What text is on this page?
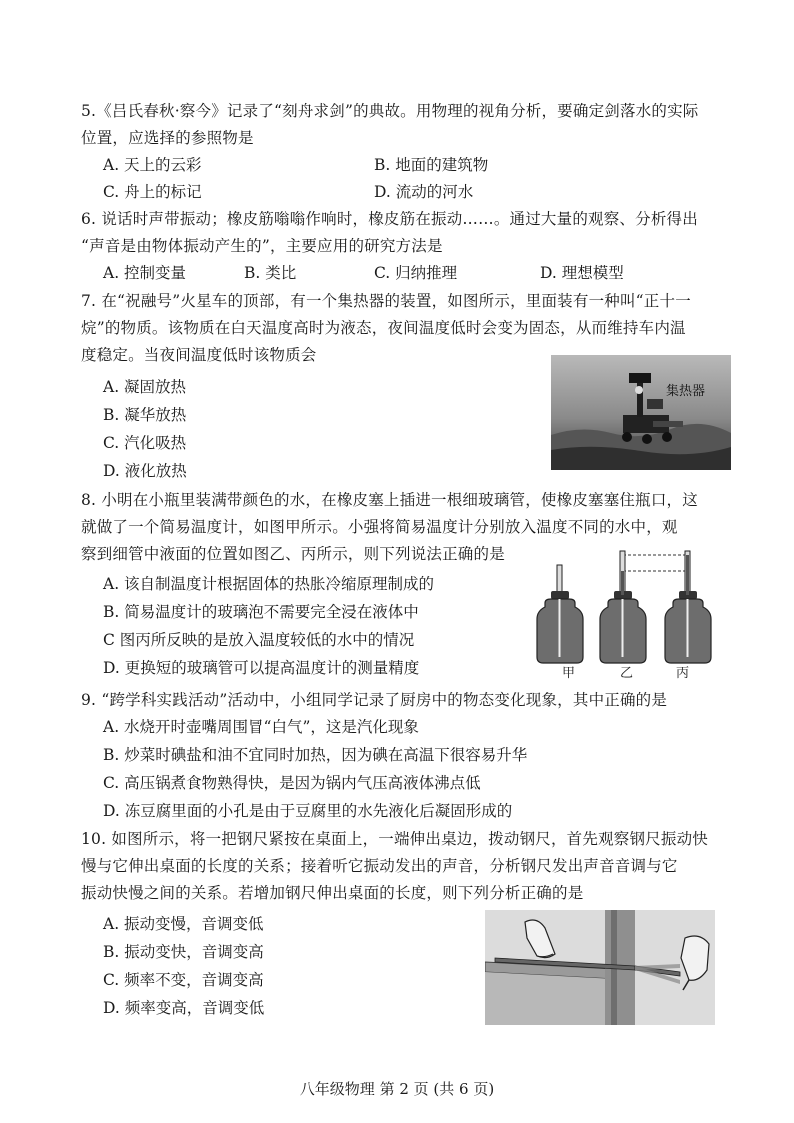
5.《吕氏春秋·察今》记录了“刻舟求剑”的典故。用物理的视角分析，要确定剑落水的实际
位置，应选择的参照物是
A. 天上的云彩	B. 地面的建筑物
C. 舟上的标记	D. 流动的河水
6. 说话时声带振动；橡皮筋嗡嗡作响时，橡皮筋在振动……。通过大量的观察、分析得出
“声音是由物体振动产生的”，主要应用的研究方法是
A. 控制变量	B. 类比	C. 归纳推理	D. 理想模型
7. 在“祝融号”火星车的顶部，有一个集热器的装置，如图所示，里面装有一种叫“正十一
烷”的物质。该物质在白天温度高时为液态，夜间温度低时会变为固态，从而维持车内温
度稳定。当夜间温度低时该物质会
A. 凝固放热
B. 凝华放热
C. 汽化吸热
D. 液化放热
集热器
8. 小明在小瓶里装满带颜色的水，在橡皮塞上插进一根细玻璃管，使橡皮塞塞住瓶口，这
就做了一个简易温度计，如图甲所示。小强将简易温度计分别放入温度不同的水中，观
察到细管中液面的位置如图乙、丙所示，则下列说法正确的是
A. 该自制温度计根据固体的热胀冷缩原理制成的
B. 简易温度计的玻璃泡不需要完全浸在液体中
C 图丙所反映的是放入温度较低的水中的情况
D. 更换短的玻璃管可以提高温度计的测量精度	甲	乙	丙
9. “跨学科实践活动”活动中，小组同学记录了厨房中的物态变化现象，其中正确的是
A. 水烧开时壶嘴周围冒“白气”，这是汽化现象
B. 炒菜时碘盐和油不宜同时加热，因为碘在高温下很容易升华
C. 高压锅煮食物熟得快，是因为锅内气压高液体沸点低
D. 冻豆腐里面的小孔是由于豆腐里的水先液化后凝固形成的
10. 如图所示，将一把钢尺紧按在桌面上，一端伸出桌边，拨动钢尺，首先观察钢尺振动快
慢与它伸出桌面的长度的关系；接着听它振动发出的声音，分析钢尺发出声音音调与它
振动快慢之间的关系。若增加钢尺伸出桌面的长度，则下列分析正确的是
A. 振动变慢，音调变低
B. 振动变快，音调变高
C. 频率不变，音调变高
D. 频率变高，音调变低
八年级物理 第 2 页 (共 6 页)
